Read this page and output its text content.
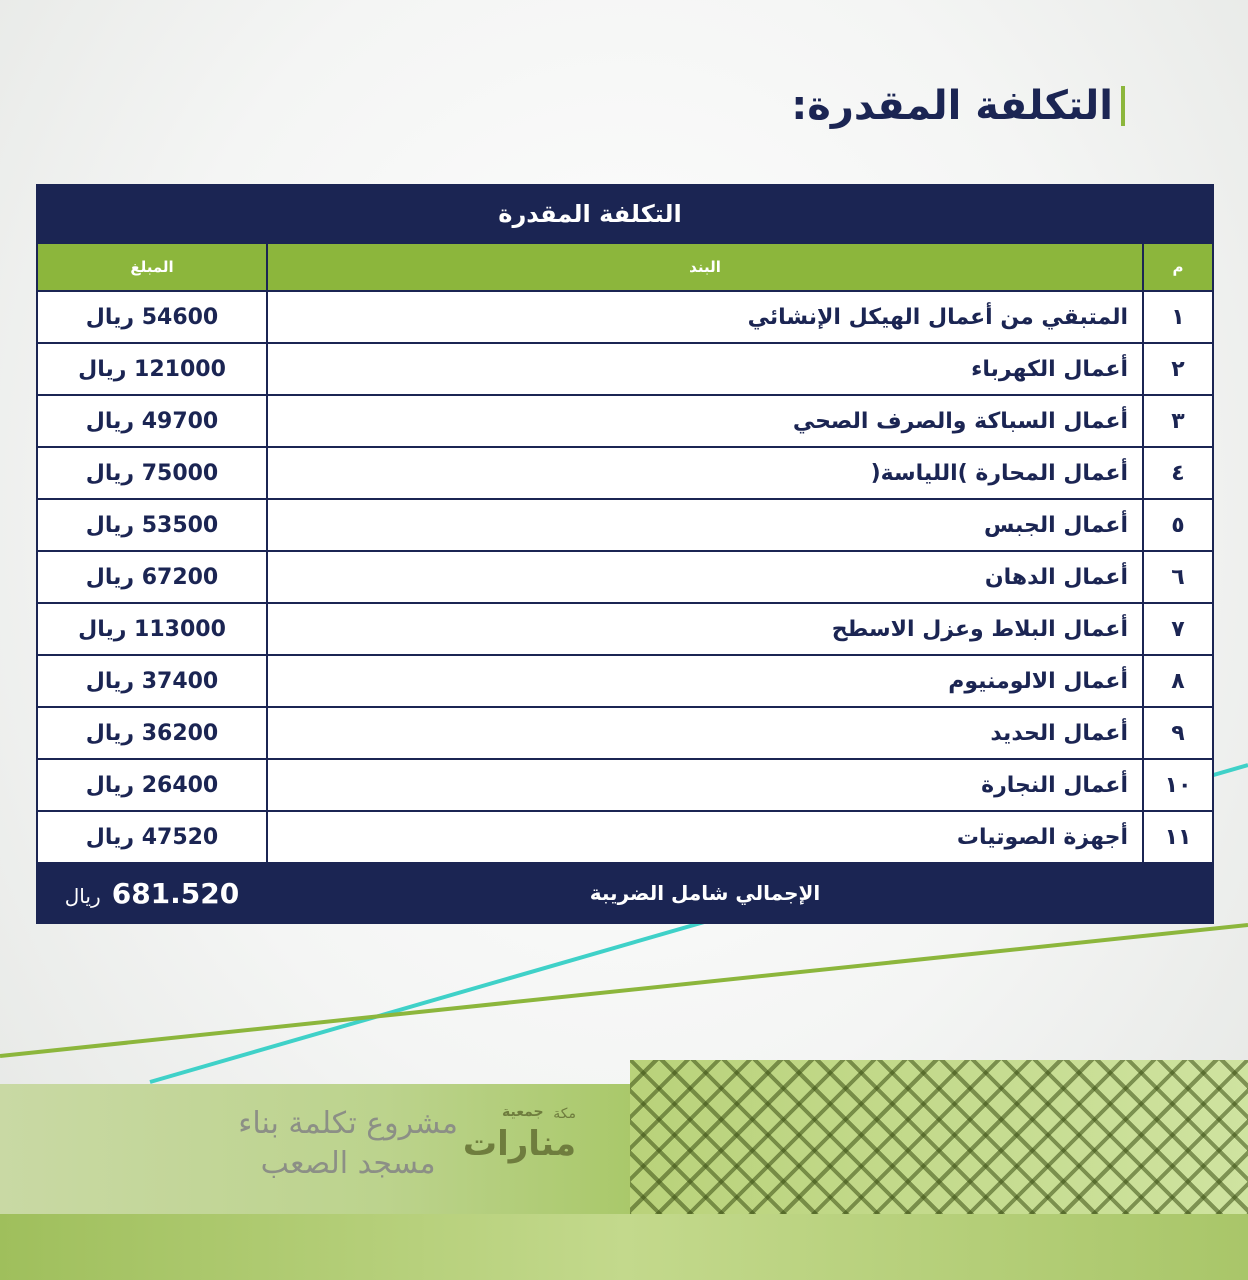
التكلفة المقدرة:
	التكلفة المقدرة	
م	البند	المبلغ
١	المتبقي من أعمال الهيكل الإنشائي	54600 ريال
٢	أعمال الكهرباء	121000 ريال
٣	أعمال السباكة والصرف الصحي	49700 ريال
٤	أعمال المحارة )اللياسة(	75000 ريال
٥	أعمال الجبس	53500 ريال
٦	أعمال الدهان	67200 ريال
٧	أعمال البلاط وعزل الاسطح	113000 ريال
٨	أعمال الالومنيوم	37400 ريال
٩	أعمال الحديد	36200 ريال
١٠	أعمال النجارة	26400 ريال
١١	أجهزة الصوتيات	47520 ريال
	الإجمالي شامل الضريبة	681.520 ريال
مشروع تكلمة بناء
مسجد الصعب
جمعية مكة
منارات
